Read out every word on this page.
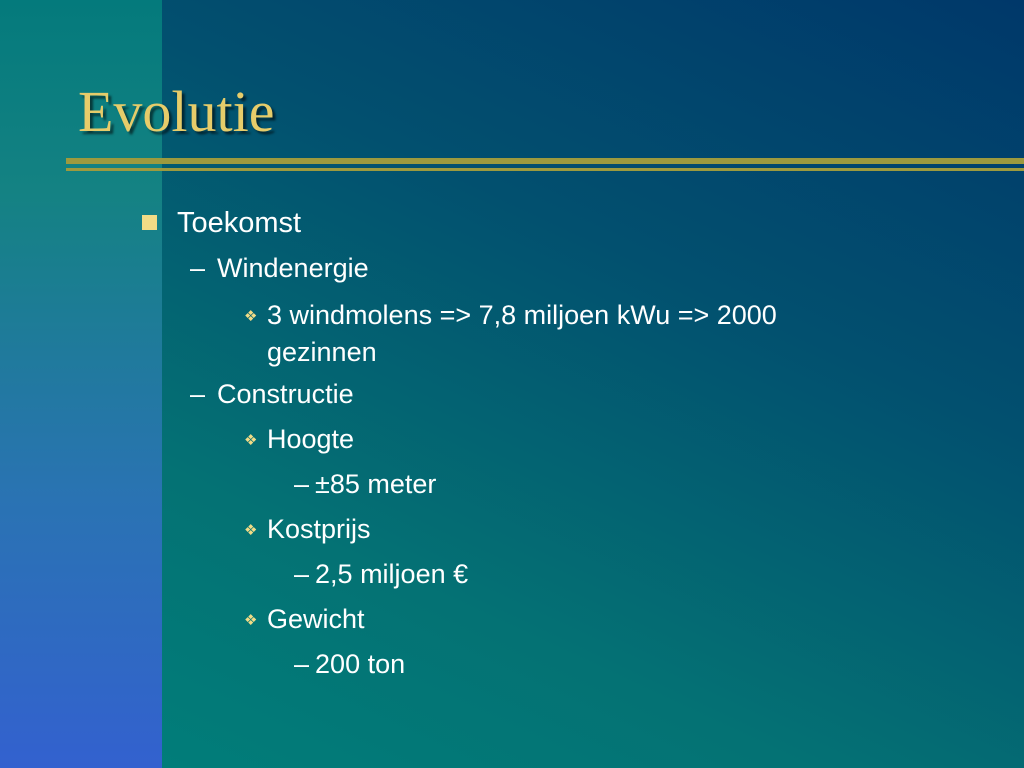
Evolutie
Toekomst
– Windenergie
❖ 3 windmolens => 7,8 miljoen kWu => 2000 gezinnen
– Constructie
❖ Hoogte
– ±85 meter
❖ Kostprijs
– 2,5 miljoen €
❖ Gewicht
– 200 ton
